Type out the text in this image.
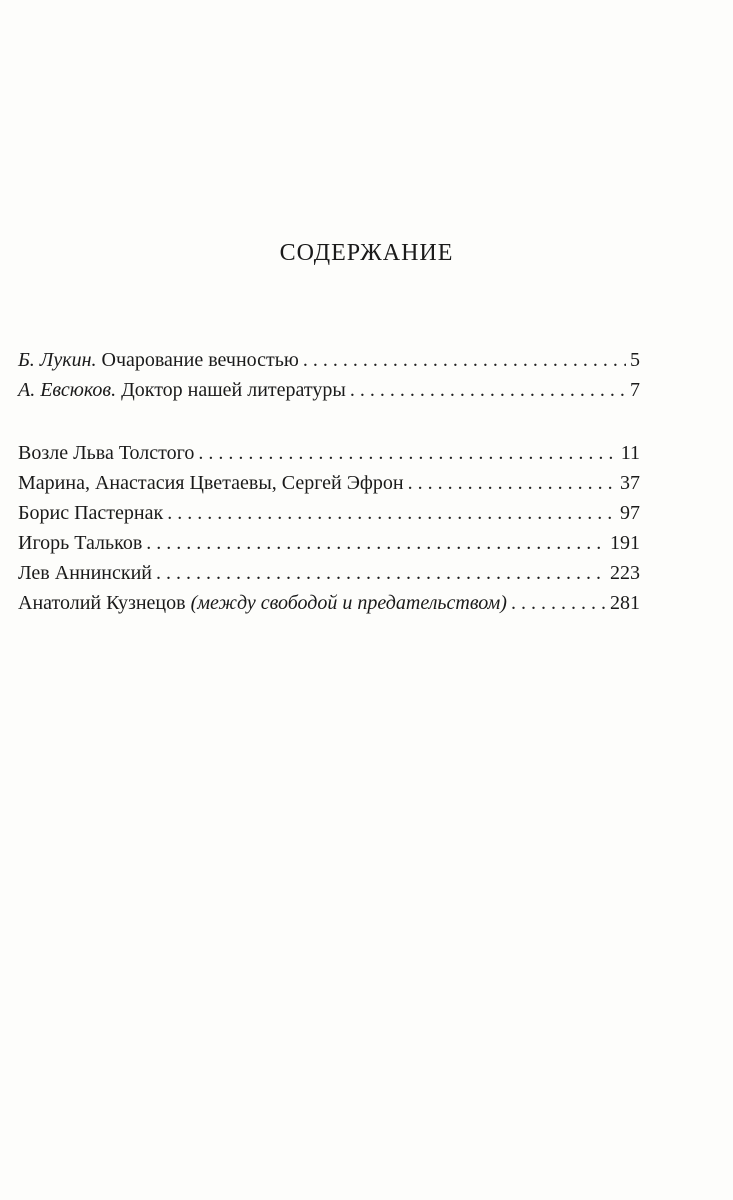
СОДЕРЖАНИЕ
Б. Лукин . Очарование вечностью . . .	5
А. Евсюков . Доктор нашей литературы . . .	7
Возле Льва Толстого . . .	11
Марина, Анастасия Цветаевы, Сергей Эфрон . . .	37
Борис Пастернак . . .	97
Игорь Тальков . . .	191
Лев Аннинский . . .	223
Анатолий Кузнецов (между свободой и предательством) . . .	281
